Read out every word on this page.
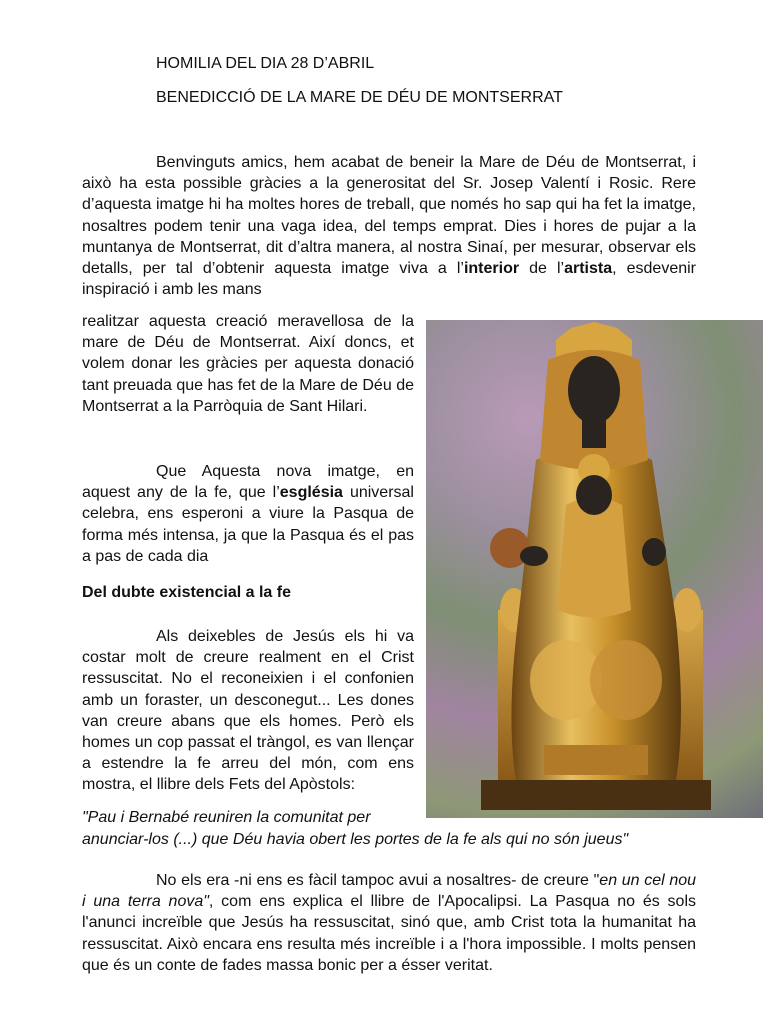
HOMILIA DEL DIA 28 D’ABRIL
BENEDICCIÓ DE LA MARE DE DÉU DE MONTSERRAT

Benvinguts amics, hem acabat de beneir la Mare de Déu de Montserrat, i això ha esta possible gràcies a la generositat del Sr. Josep Valentí i Rosic. Rere d’aquesta imatge hi ha moltes hores de treball, que només ho sap qui ha fet la imatge, nosaltres podem tenir una vaga idea, del temps emprat. Dies i hores de pujar a la muntanya de Montserrat, dit d’altra manera, al nostra Sinaí, per mesurar, observar els detalls, per tal d’obtenir aquesta imatge viva a l’interior de l’artista, esdevenir inspiració i amb les mans

realitzar aquesta creació meravellosa de la mare de Déu de Montserrat. Així doncs, et volem donar les gràcies per aquesta donació tant preuada que has fet de la Mare de Déu de Montserrat a la Parròquia de Sant Hilari.

Que Aquesta nova imatge, en aquest any de la fe, que l’església universal celebra, ens esperoni a viure la Pasqua de forma més intensa, ja que la Pasqua és el pas a pas de cada dia

Del dubte existencial a la fe

Als deixebles de Jesús els hi va costar molt de creure realment en el Crist ressuscitat. No el reconeixien i el confonien amb un foraster, un desconegut... Les dones van creure abans que els homes. Però els homes un cop passat el tràngol, es van llençar a estendre la fe arreu del món, com ens mostra, el llibre dels Fets del Apòstols:

"Pau i Bernabé reuniren la comunitat per
anunciar-los (...) que Déu havia obert les portes de la fe als qui no són jueus"

No els era -ni ens es fàcil tampoc avui a nosaltres- de creure "en un cel nou i una terra nova", com ens explica el llibre de l'Apocalipsi. La Pasqua no és sols l'anunci increïble que Jesús ha ressuscitat, sinó que, amb Crist tota la humanitat ha ressuscitat. Això encara ens resulta més increïble i a l'hora impossible. I molts pensen que és un conte de fades massa bonic per a ésser veritat.
